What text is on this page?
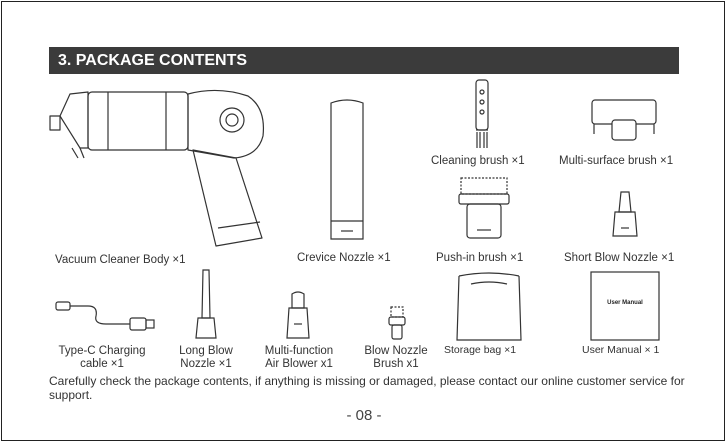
3. PACKAGE CONTENTS
User Manual
Vacuum Cleaner Body ×1	Crevice Nozzle ×1
Cleaning brush ×1	Multi-surface brush ×1
Push-in brush ×1	Short Blow Nozzle ×1
Type-C Charging
cable ×1
Long Blow
Nozzle ×1
Multi-function
Air Blower x1
Blow Nozzle
Brush x1
Storage bag ×1	User Manual × 1
Carefully check the package contents, if anything is missing or damaged, please contact our online customer service for support.
- 08 -
